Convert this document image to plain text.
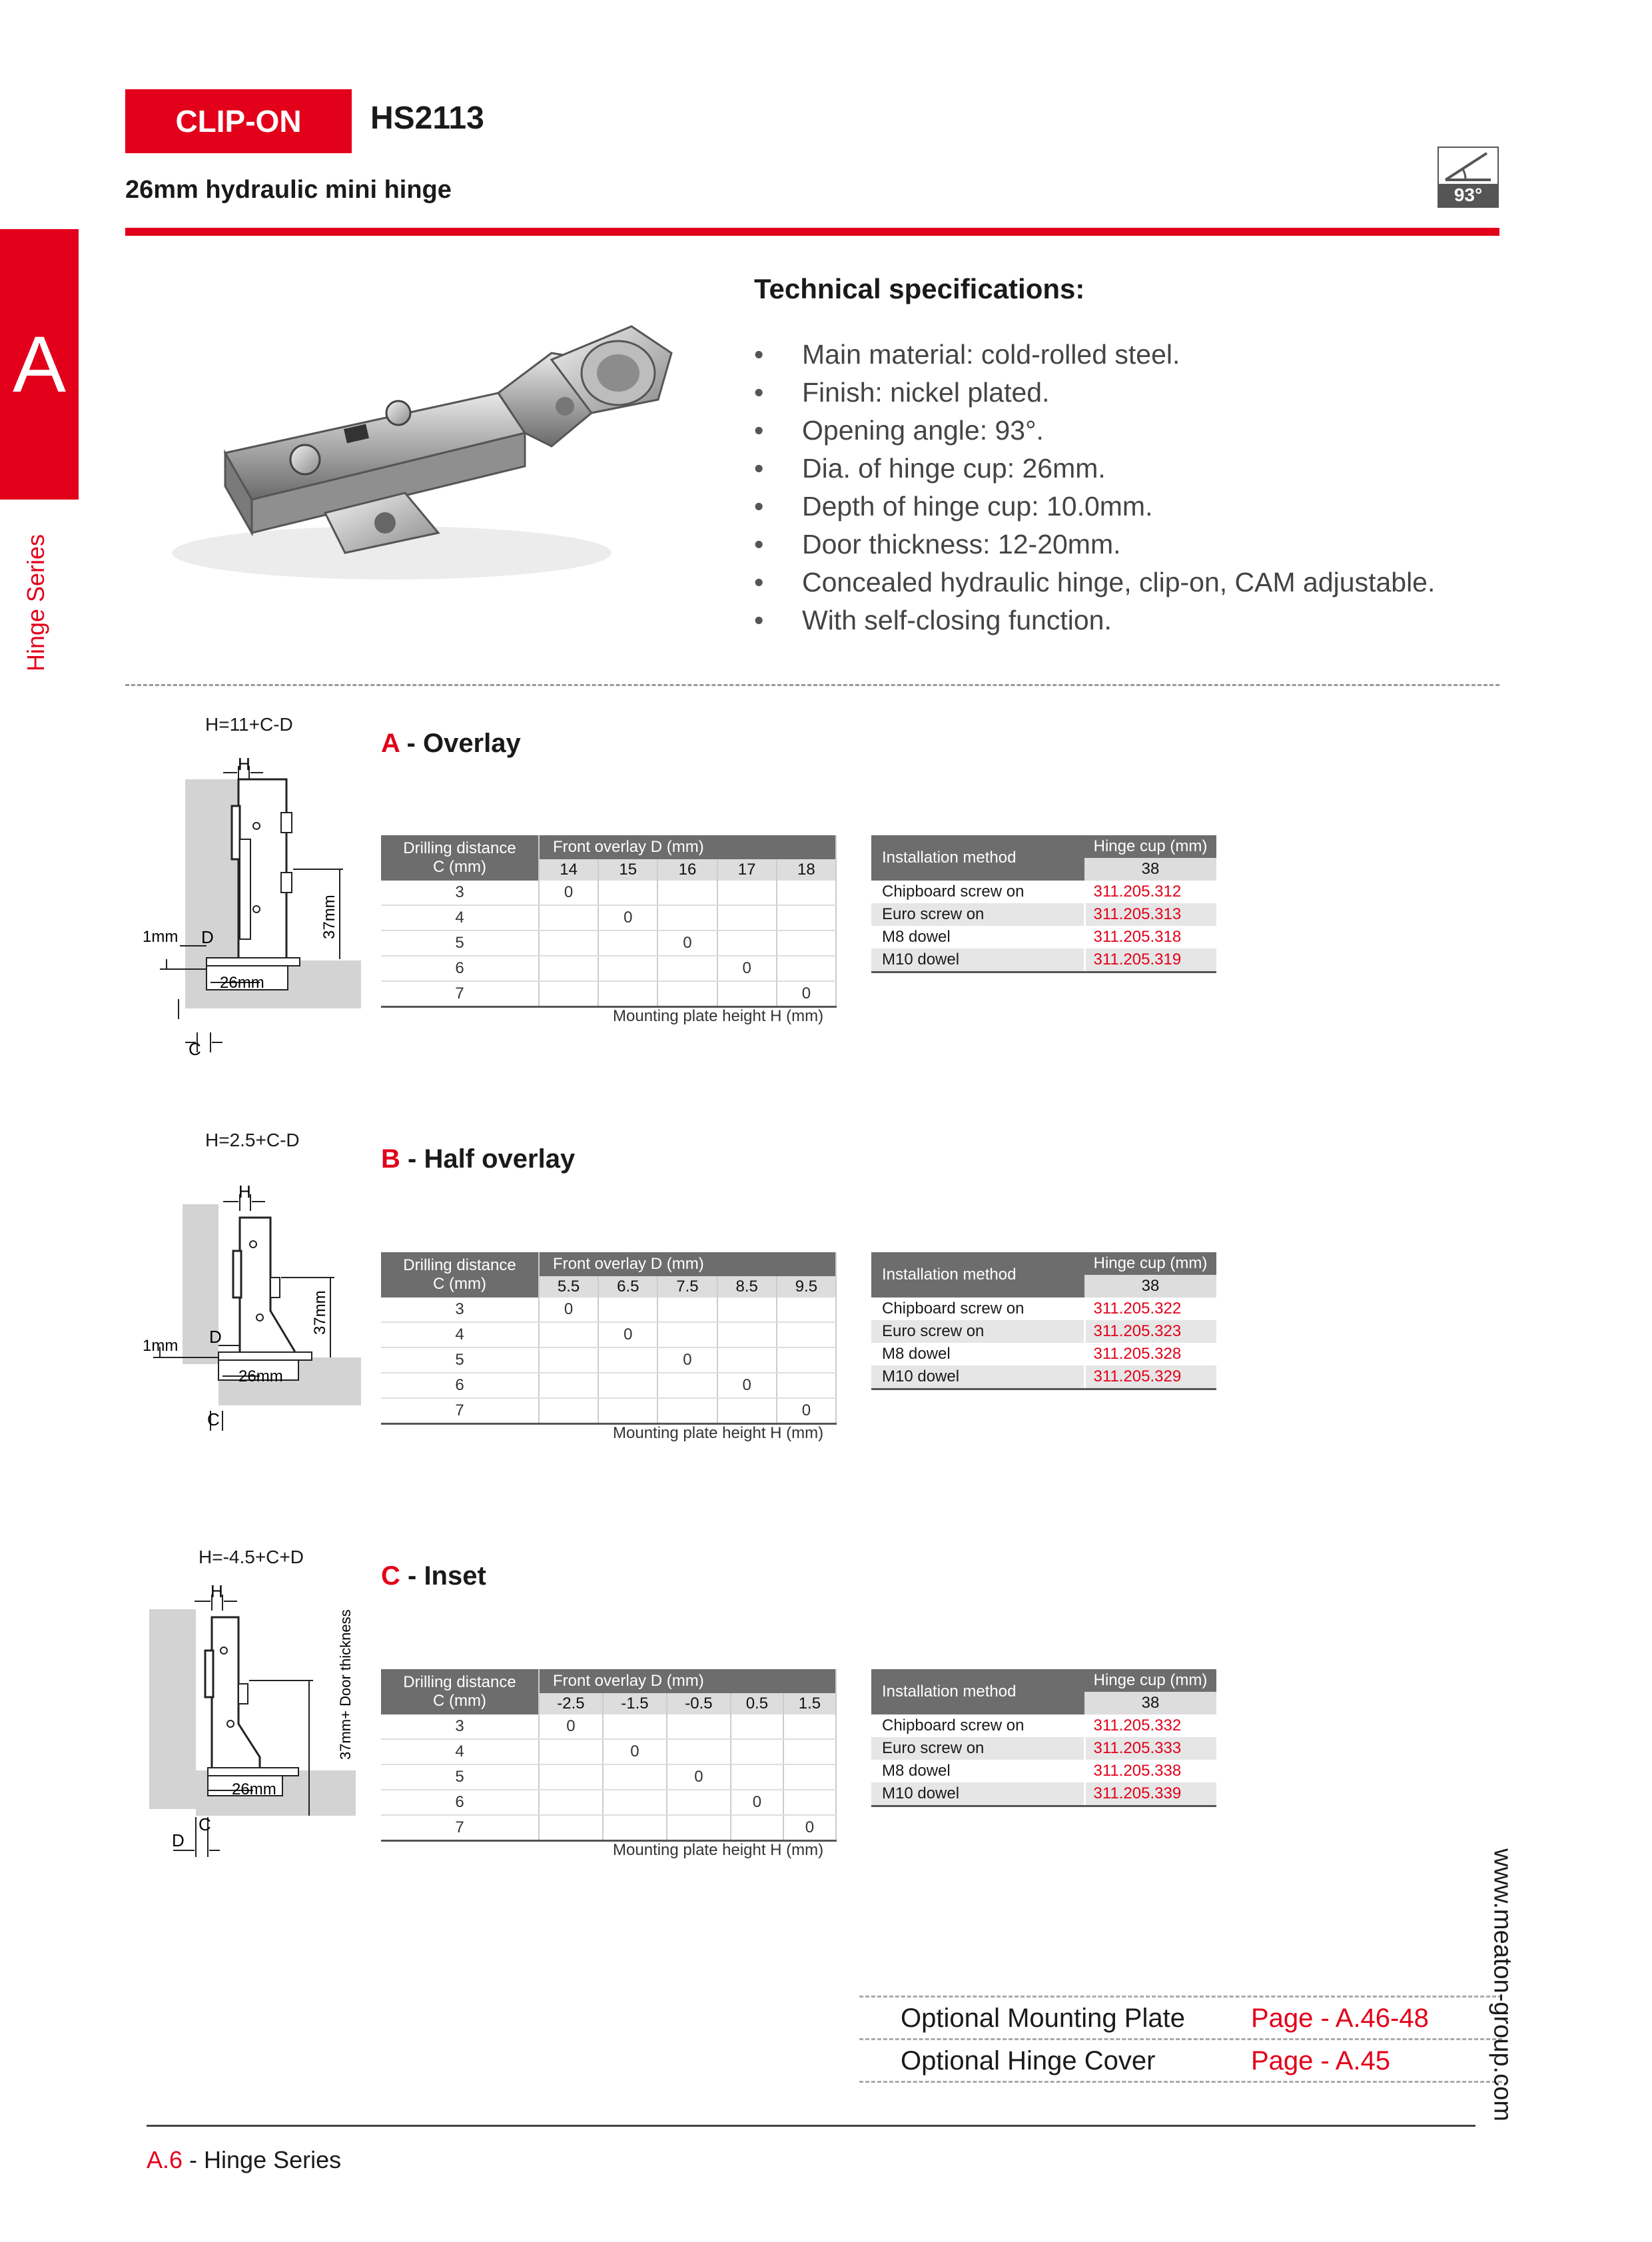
CLIP-ON HS2113
26mm hydraulic mini hinge	93°
A
Hinge Series
Technical specifications:
• Main material: cold-rolled steel.
• Finish: nickel plated.
• Opening angle: 93°.
• Dia. of hinge cup: 26mm.
• Depth of hinge cup: 10.0mm.
• Door thickness: 12-20mm.
• Concealed hydraulic hinge, clip-on, CAM adjustable.
• With self-closing function.
H=11+C-D
H
D
C
1mm
26mm
37mm
A - Overlay
Drilling distance
C (mm)	Front overlay D (mm)				
	14	15	16	17	18
3	0				
4		0			
5			0		
6				0	
7					0
Mounting plate height H (mm)
Installation method	Hinge cup (mm)
	38
Chipboard screw on	311.205.312
Euro screw on	311.205.313
M8 dowel	311.205.318
M10 dowel	311.205.319
H=2.5+C-D
H
D
C
1mm
26mm
37mm
B - Half overlay
Drilling distance
C (mm)	Front overlay D (mm)				
	5.5	6.5	7.5	8.5	9.5
3	0				
4		0			
5			0		
6				0	
7					0
Mounting plate height H (mm)
Installation method	Hinge cup (mm)
	38
Chipboard screw on	311.205.322
Euro screw on	311.205.323
M8 dowel	311.205.328
M10 dowel	311.205.329
H=-4.5+C+D
H
D
C
26mm
37mm+ Door thickness
C - Inset
Drilling distance
C (mm)	Front overlay D (mm)				
	-2.5	-1.5	-0.5	0.5	1.5
3	0				
4		0			
5			0		
6				0	
7					0
Mounting plate height H (mm)
Installation method	Hinge cup (mm)
	38
Chipboard screw on	311.205.332
Euro screw on	311.205.333
M8 dowel	311.205.338
M10 dowel	311.205.339
Optional Mounting Plate Page - A.46-48
Optional Hinge Cover	Page - A.45
A.6 - Hinge Series
www.meaton-group.com
